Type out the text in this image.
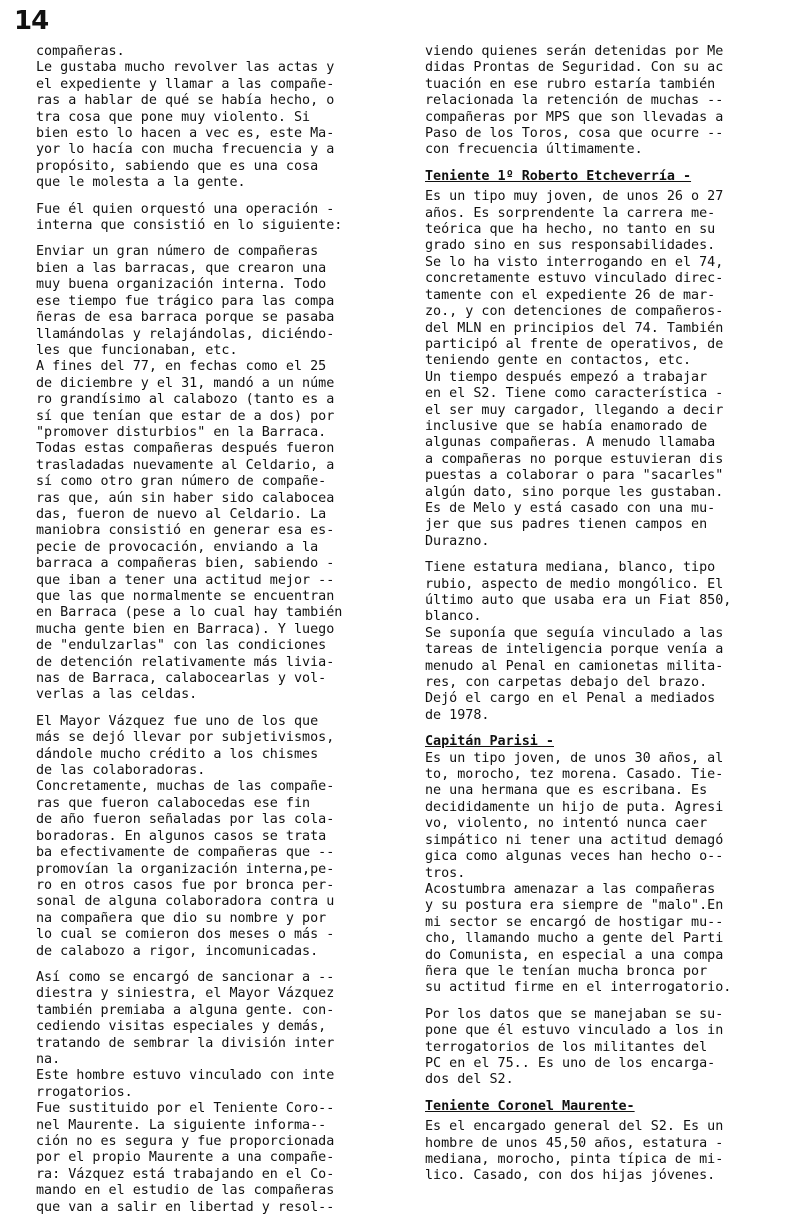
14

compañeras.
Le gustaba mucho revolver las actas y
el expediente y llamar a las compañe-
ras a hablar de qué se había hecho, o
tra cosa que pone muy violento. Si
bien esto lo hacen a vec es, este Ma-
yor lo hacía con mucha frecuencia y a
propósito, sabiendo que es una cosa
que le molesta a la gente.

Fue él quien orquestó una operación -
interna que consistió en lo siguiente:

Enviar un gran número de compañeras
bien a las barracas, que crearon una
muy buena organización interna. Todo
ese tiempo fue trágico para las compa
ñeras de esa barraca porque se pasaba
llamándolas y relajándolas, diciéndo-
les que funcionaban, etc.
A fines del 77, en fechas como el 25
de diciembre y el 31, mandó a un núme
ro grandísimo al calabozo (tanto es a
sí que tenían que estar de a dos) por
"promover disturbios" en la Barraca.
Todas estas compañeras después fueron
trasladadas nuevamente al Celdario, a
sí como otro gran número de compañe-
ras que, aún sin haber sido calabocea
das, fueron de nuevo al Celdario. La
maniobra consistió en generar esa es-
pecie de provocación, enviando a la
barraca a compañeras bien, sabiendo -
que iban a tener una actitud mejor --
que las que normalmente se encuentran
en Barraca (pese a lo cual hay también
mucha gente bien en Barraca). Y luego
de "endulzarlas" con las condiciones
de detención relativamente más livia-
nas de Barraca, calabocearlas y vol-
verlas a las celdas.

El Mayor Vázquez fue uno de los que
más se dejó llevar por subjetivismos,
dándole mucho crédito a los chismes
de las colaboradoras.
Concretamente, muchas de las compañe-
ras que fueron calabocedas ese fin
de año fueron señaladas por las cola-
boradoras. En algunos casos se trata
ba efectivamente de compañeras que --
promovían la organización interna,pe-
ro en otros casos fue por bronca per-
sonal de alguna colaboradora contra u
na compañera que dio su nombre y por
lo cual se comieron dos meses o más -
de calabozo a rigor, incomunicadas.

Así como se encargó de sancionar a --
diestra y siniestra, el Mayor Vázquez
también premiaba a alguna gente. con-
cediendo visitas especiales y demás,
tratando de sembrar la división inter
na.
Este hombre estuvo vinculado con inte
rrogatorios.
Fue sustituido por el Teniente Coro--
nel Maurente. La siguiente informa--
ción no es segura y fue proporcionada
por el propio Maurente a una compañe-
ra: Vázquez está trabajando en el Co-
mando en el estudio de las compañeras
que van a salir en libertad y resol--

viendo quienes serán detenidas por Me
didas Prontas de Seguridad. Con su ac
tuación en ese rubro estaría también
relacionada la retención de muchas --
compañeras por MPS que son llevadas a
Paso de los Toros, cosa que ocurre --
con frecuencia últimamente.

Teniente 1º Roberto Etcheverría -

Es un tipo muy joven, de unos 26 o 27
años. Es sorprendente la carrera me-
teórica que ha hecho, no tanto en su
grado sino en sus responsabilidades.
Se lo ha visto interrogando en el 74,
concretamente estuvo vinculado direc-
tamente con el expediente 26 de mar-
zo., y con detenciones de compañeros-
del MLN en principios del 74. También
participó al frente de operativos, de
teniendo gente en contactos, etc.
Un tiempo después empezó a trabajar
en el S2. Tiene como característica -
el ser muy cargador, llegando a decir
inclusive que se había enamorado de
algunas compañeras. A menudo llamaba
a compañeras no porque estuvieran dis
puestas a colaborar o para "sacarles"
algún dato, sino porque les gustaban.
Es de Melo y está casado con una mu-
jer que sus padres tienen campos en
Durazno.

Tiene estatura mediana, blanco, tipo
rubio, aspecto de medio mongólico. El
último auto que usaba era un Fiat 850,
blanco.
Se suponía que seguía vinculado a las
tareas de inteligencia porque venía a
menudo al Penal en camionetas milita-
res, con carpetas debajo del brazo.
Dejó el cargo en el Penal a mediados
de 1978.

Capitán Parisi -

Es un tipo joven, de unos 30 años, al
to, morocho, tez morena. Casado. Tie-
ne una hermana que es escribana. Es
decididamente un hijo de puta. Agresi
vo, violento, no intentó nunca caer
simpático ni tener una actitud demagó
gica como algunas veces han hecho o--
tros.
Acostumbra amenazar a las compañeras
y su postura era siempre de "malo".En
mi sector se encargó de hostigar mu--
cho, llamando mucho a gente del Parti
do Comunista, en especial a una compa
ñera que le tenían mucha bronca por
su actitud firme en el interrogatorio.

Por los datos que se manejaban se su-
pone que él estuvo vinculado a los in
terrogatorios de los militantes del
PC en el 75.. Es uno de los encarga-
dos del S2.

Teniente Coronel Maurente-

Es el encargado general del S2. Es un
hombre de unos 45,50 años, estatura -
mediana, morocho, pinta típica de mi-
lico. Casado, con dos hijas jóvenes.
